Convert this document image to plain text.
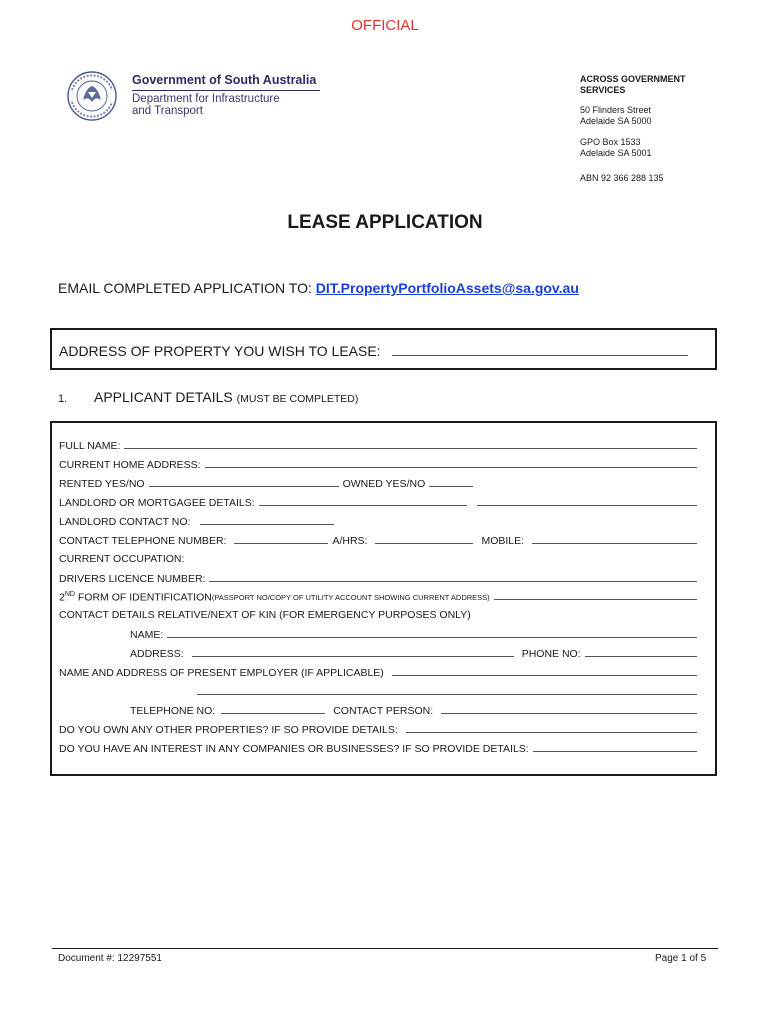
OFFICIAL
Government of South Australia
Department for Infrastructure
and Transport
ACROSS GOVERNMENT SERVICES

50 Flinders Street

Adelaide SA 5000

GPO Box 1533

Adelaide SA 5001

ABN 92 366 288 135

LEASE APPLICATION
EMAIL COMPLETED APPLICATION TO: DIT.PropertyPortfolioAssets@sa.gov.au
ADDRESS OF PROPERTY YOU WISH TO LEASE:
1. APPLICANT DETAILS (MUST BE COMPLETED)
FULL NAME:
CURRENT HOME ADDRESS:
RENTED YES/NO	OWNED YES/NO
LANDLORD OR MORTGAGEE DETAILS:
LANDLORD CONTACT NO:
CONTACT TELEPHONE NUMBER:	A/HRS:	MOBILE:
CURRENT OCCUPATION:
DRIVERS LICENCE NUMBER:
2ND FORM OF IDENTIFICATION (PASSPORT NO/COPY OF UTILITY ACCOUNT SHOWING CURRENT ADDRESS)
CONTACT DETAILS RELATIVE/NEXT OF KIN (FOR EMERGENCY PURPOSES ONLY)
NAME:
ADDRESS:	PHONE NO:
NAME AND ADDRESS OF PRESENT EMPLOYER (IF APPLICABLE)
TELEPHONE NO:	CONTACT PERSON:
DO YOU OWN ANY OTHER PROPERTIES? IF SO PROVIDE DETAILS:
DO YOU HAVE AN INTEREST IN ANY COMPANIES OR BUSINESSES? IF SO PROVIDE DETAILS:
Document #: 12297551	Page 1 of 5
